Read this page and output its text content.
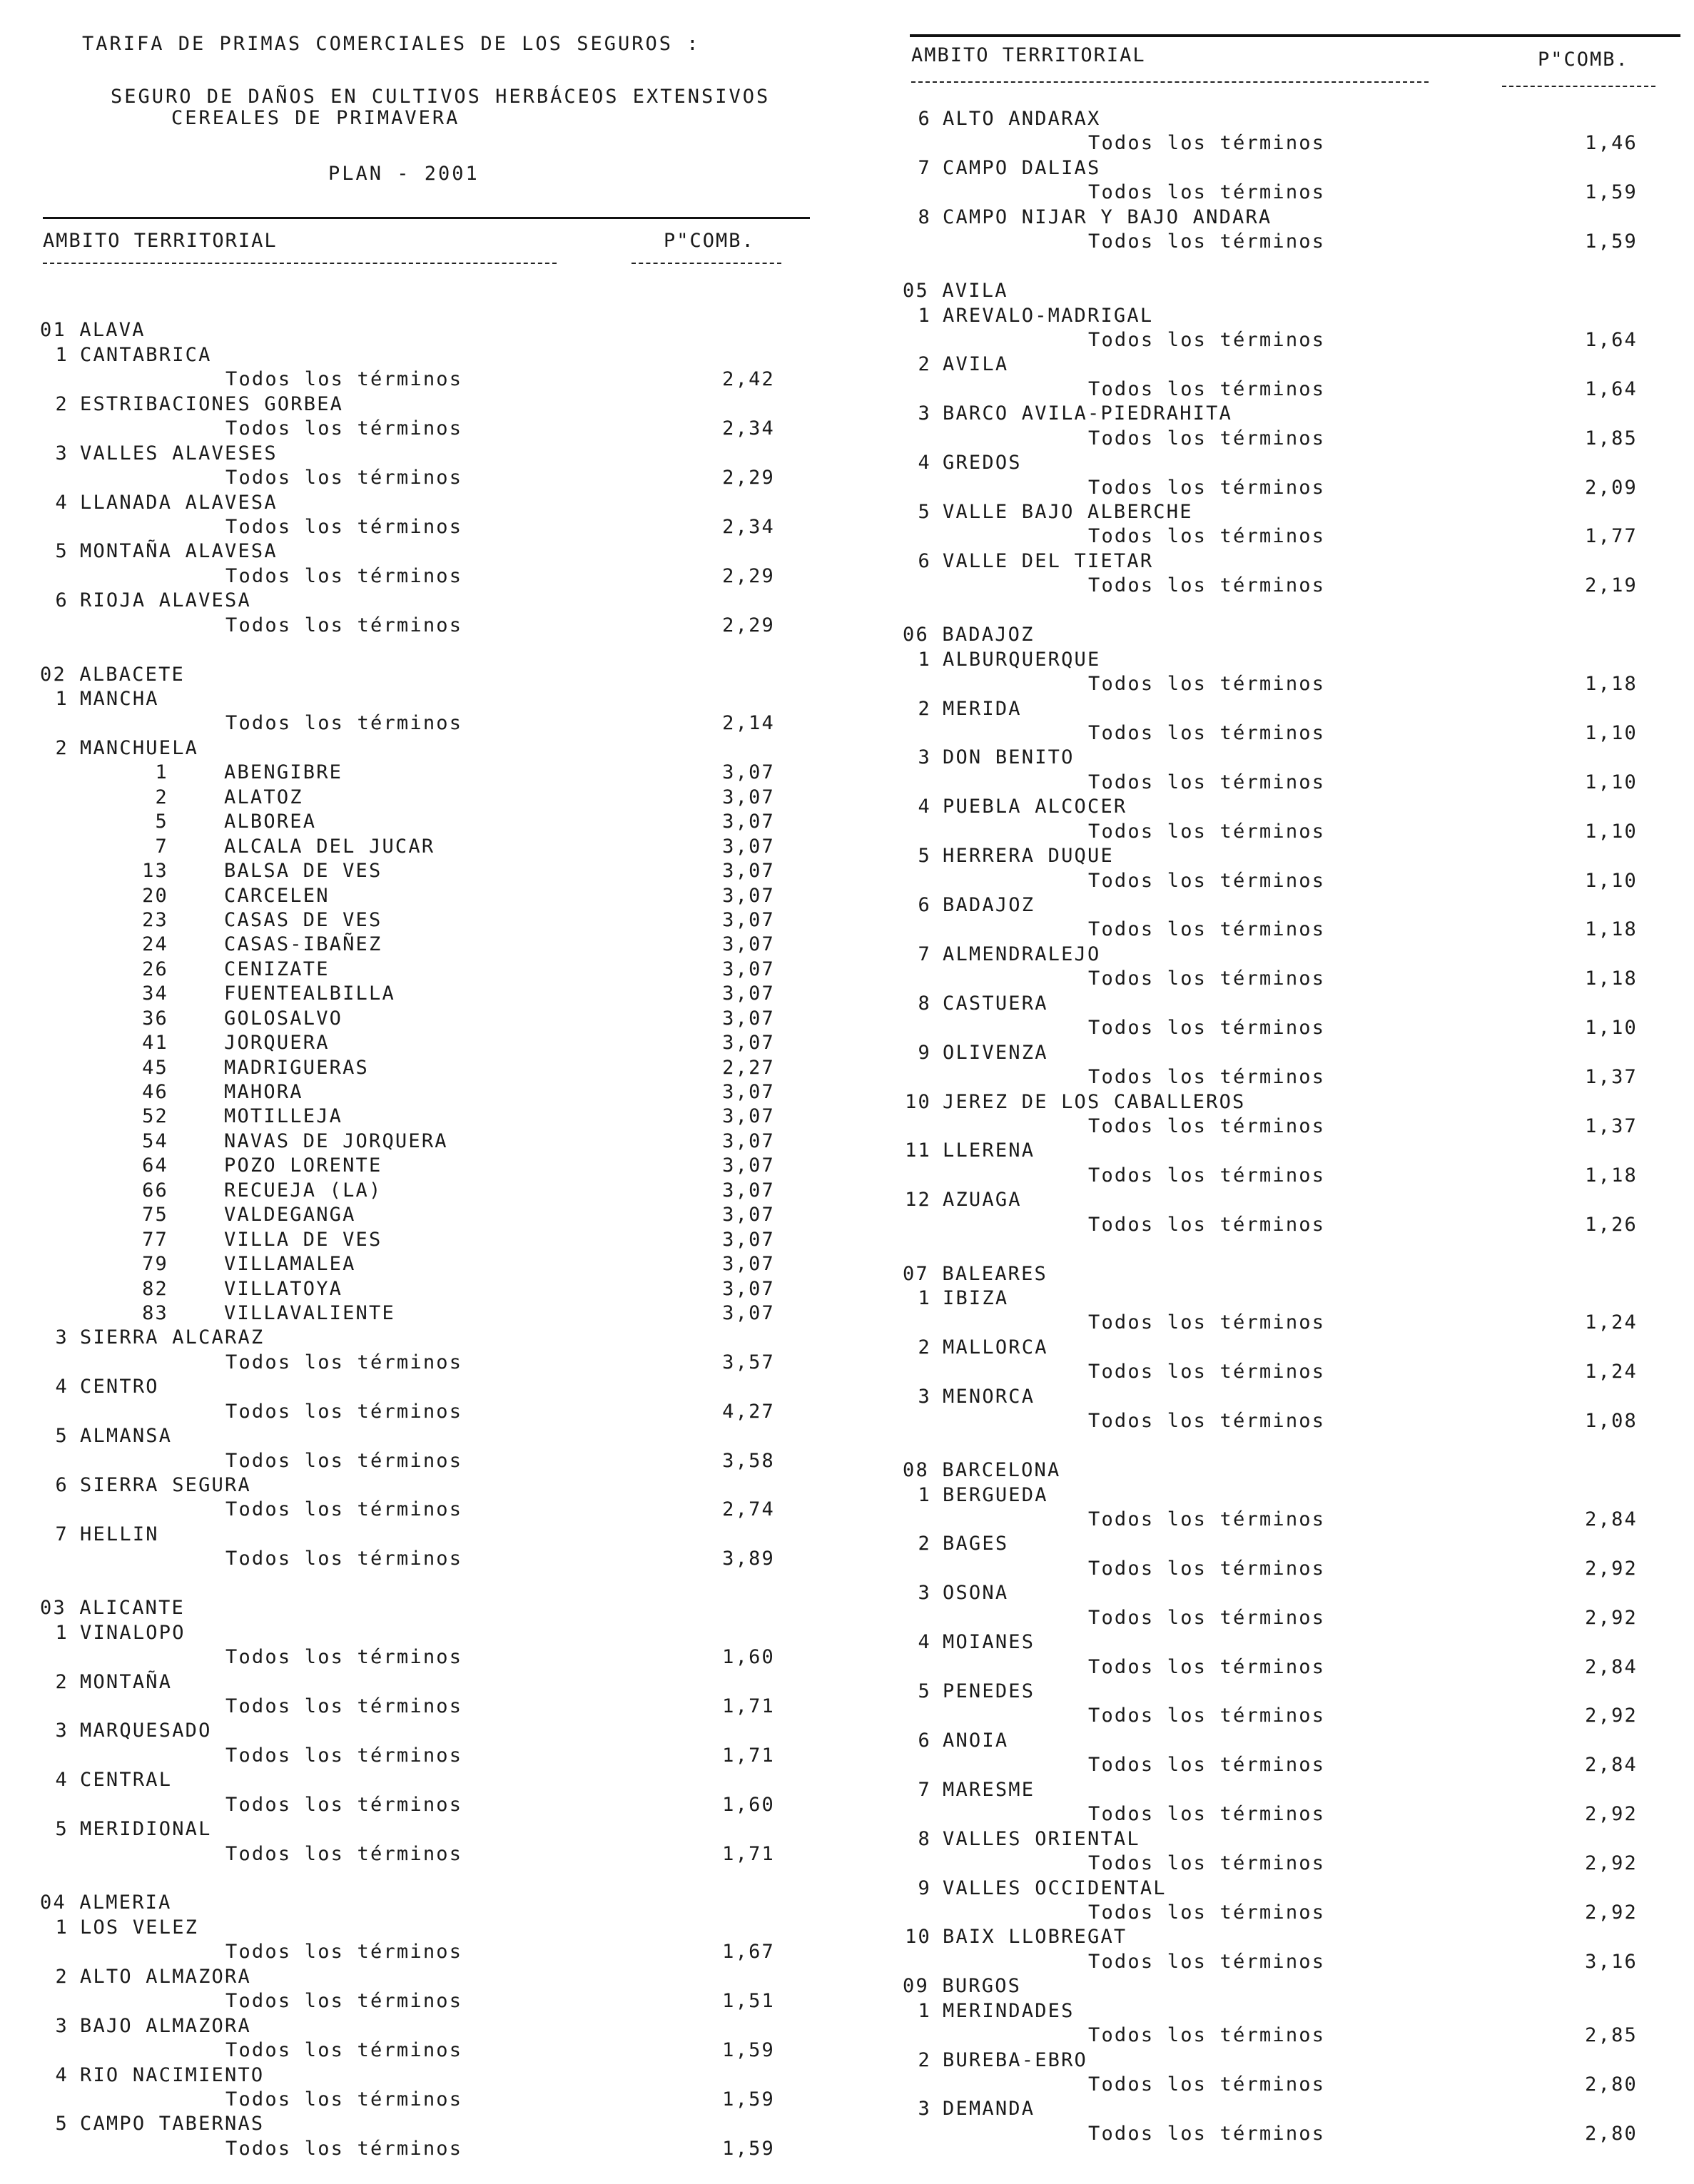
TARIFA DE PRIMAS COMERCIALES DE LOS SEGUROS :
SEGURO DE DAÑOS EN CULTIVOS HERBÁCEOS EXTENSIVOS
CEREALES DE PRIMAVERA
PLAN - 2001
AMBITO TERRITORIAL	P"COMB.
01 ALAVA
1 CANTABRICA
Todos los términos	2,42
2 ESTRIBACIONES GORBEA
Todos los términos	2,34
3 VALLES ALAVESES
Todos los términos	2,29
4 LLANADA ALAVESA
Todos los términos	2,34
5 MONTAÑA ALAVESA
Todos los términos	2,29
6 RIOJA ALAVESA
Todos los términos	2,29
02 ALBACETE
1 MANCHA
Todos los términos	2,14
2 MANCHUELA
1	ABENGIBRE	3,07
2	ALATOZ	3,07
5	ALBOREA	3,07
7	ALCALA DEL JUCAR	3,07
13	BALSA DE VES	3,07
20	CARCELEN	3,07
23	CASAS DE VES	3,07
24	CASAS-IBAÑEZ	3,07
26	CENIZATE	3,07
34	FUENTEALBILLA	3,07
36	GOLOSALVO	3,07
41	JORQUERA	3,07
45	MADRIGUERAS	2,27
46	MAHORA	3,07
52	MOTILLEJA	3,07
54	NAVAS DE JORQUERA	3,07
64	POZO LORENTE	3,07
66	RECUEJA (LA)	3,07
75	VALDEGANGA	3,07
77	VILLA DE VES	3,07
79	VILLAMALEA	3,07
82	VILLATOYA	3,07
83	VILLAVALIENTE	3,07
3 SIERRA ALCARAZ
Todos los términos	3,57
4 CENTRO
Todos los términos	4,27
5 ALMANSA
Todos los términos	3,58
6 SIERRA SEGURA
Todos los términos	2,74
7 HELLIN
Todos los términos	3,89
03 ALICANTE
1 VINALOPO
Todos los términos	1,60
2 MONTAÑA
Todos los términos	1,71
3 MARQUESADO
Todos los términos	1,71
4 CENTRAL
Todos los términos	1,60
5 MERIDIONAL
Todos los términos	1,71
04 ALMERIA
1 LOS VELEZ
Todos los términos	1,67
2 ALTO ALMAZORA
Todos los términos	1,51
3 BAJO ALMAZORA
Todos los términos	1,59
4 RIO NACIMIENTO
Todos los términos	1,59
5 CAMPO TABERNAS
Todos los términos	1,59
AMBITO TERRITORIAL	P"COMB.
6 ALTO ANDARAX
Todos los términos	1,46
7 CAMPO DALIAS
Todos los términos	1,59
8 CAMPO NIJAR Y BAJO ANDARA
Todos los términos	1,59
05 AVILA
1 AREVALO-MADRIGAL
Todos los términos	1,64
2 AVILA
Todos los términos	1,64
3 BARCO AVILA-PIEDRAHITA
Todos los términos	1,85
4 GREDOS
Todos los términos	2,09
5 VALLE BAJO ALBERCHE
Todos los términos	1,77
6 VALLE DEL TIETAR
Todos los términos	2,19
06 BADAJOZ
1 ALBURQUERQUE
Todos los términos	1,18
2 MERIDA
Todos los términos	1,10
3 DON BENITO
Todos los términos	1,10
4 PUEBLA ALCOCER
Todos los términos	1,10
5 HERRERA DUQUE
Todos los términos	1,10
6 BADAJOZ
Todos los términos	1,18
7 ALMENDRALEJO
Todos los términos	1,18
8 CASTUERA
Todos los términos	1,10
9 OLIVENZA
Todos los términos	1,37
10 JEREZ DE LOS CABALLEROS
Todos los términos	1,37
11 LLERENA
Todos los términos	1,18
12 AZUAGA
Todos los términos	1,26
07 BALEARES
1 IBIZA
Todos los términos	1,24
2 MALLORCA
Todos los términos	1,24
3 MENORCA
Todos los términos	1,08
08 BARCELONA
1 BERGUEDA
Todos los términos	2,84
2 BAGES
Todos los términos	2,92
3 OSONA
Todos los términos	2,92
4 MOIANES
Todos los términos	2,84
5 PENEDES
Todos los términos	2,92
6 ANOIA
Todos los términos	2,84
7 MARESME
Todos los términos	2,92
8 VALLES ORIENTAL
Todos los términos	2,92
9 VALLES OCCIDENTAL
Todos los términos	2,92
10 BAIX LLOBREGAT
Todos los términos	3,16
09 BURGOS
1 MERINDADES
Todos los términos	2,85
2 BUREBA-EBRO
Todos los términos	2,80
3 DEMANDA
Todos los términos	2,80
